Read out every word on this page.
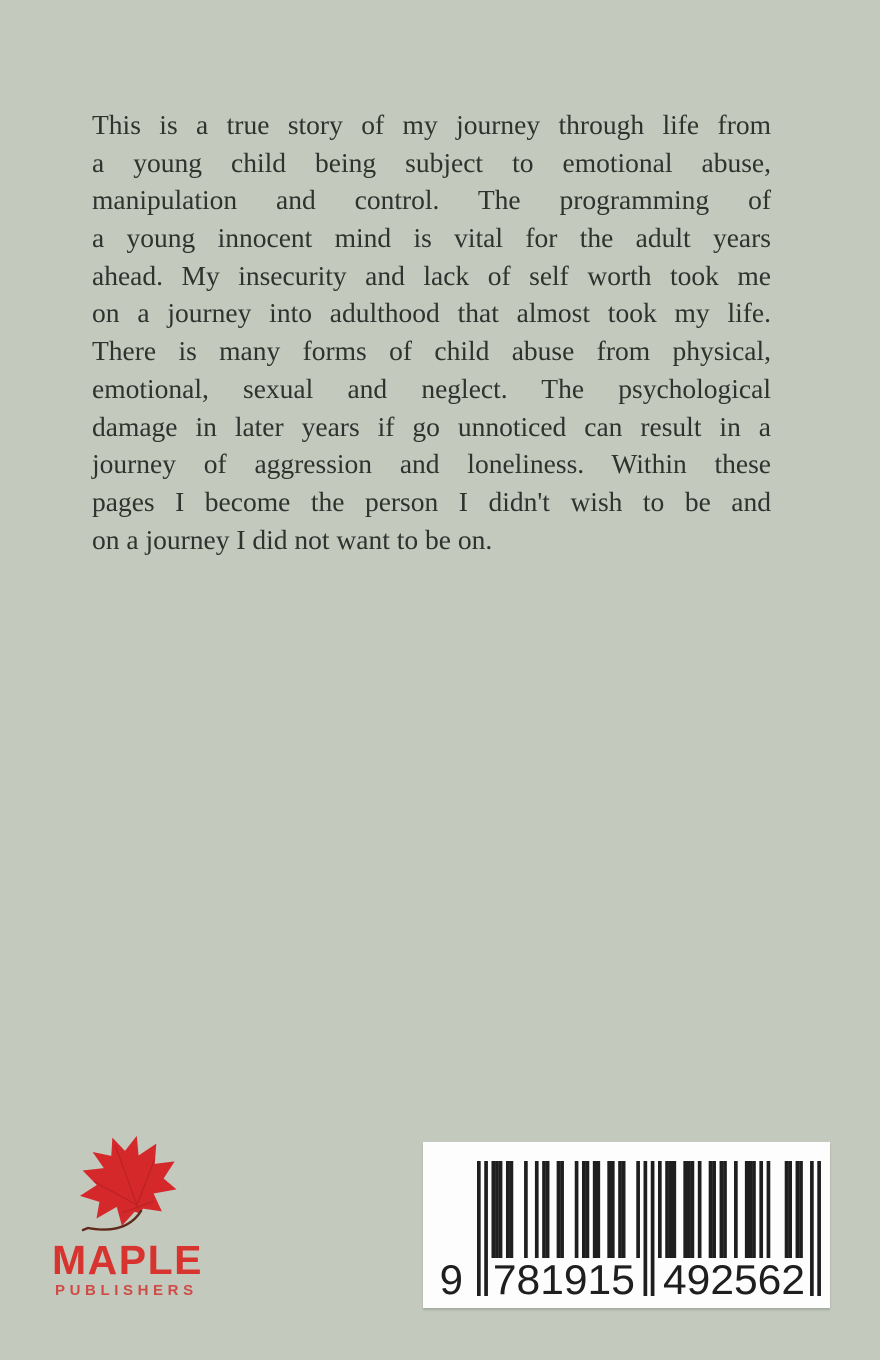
This is a true story of my journey through life from
a young child being subject to emotional abuse,
manipulation and control. The programming of
a young innocent mind is vital for the adult years
ahead. My insecurity and lack of self worth took me
on a journey into adulthood that almost took my life.
There is many forms of child abuse from physical,
emotional, sexual and neglect. The psychological
damage in later years if go unnoticed can result in a
journey of aggression and loneliness. Within these
pages I become the person I didn't wish to be and
on a journey I did not want to be on.
MAPLE
PUBLISHERS	9 781915 492562
